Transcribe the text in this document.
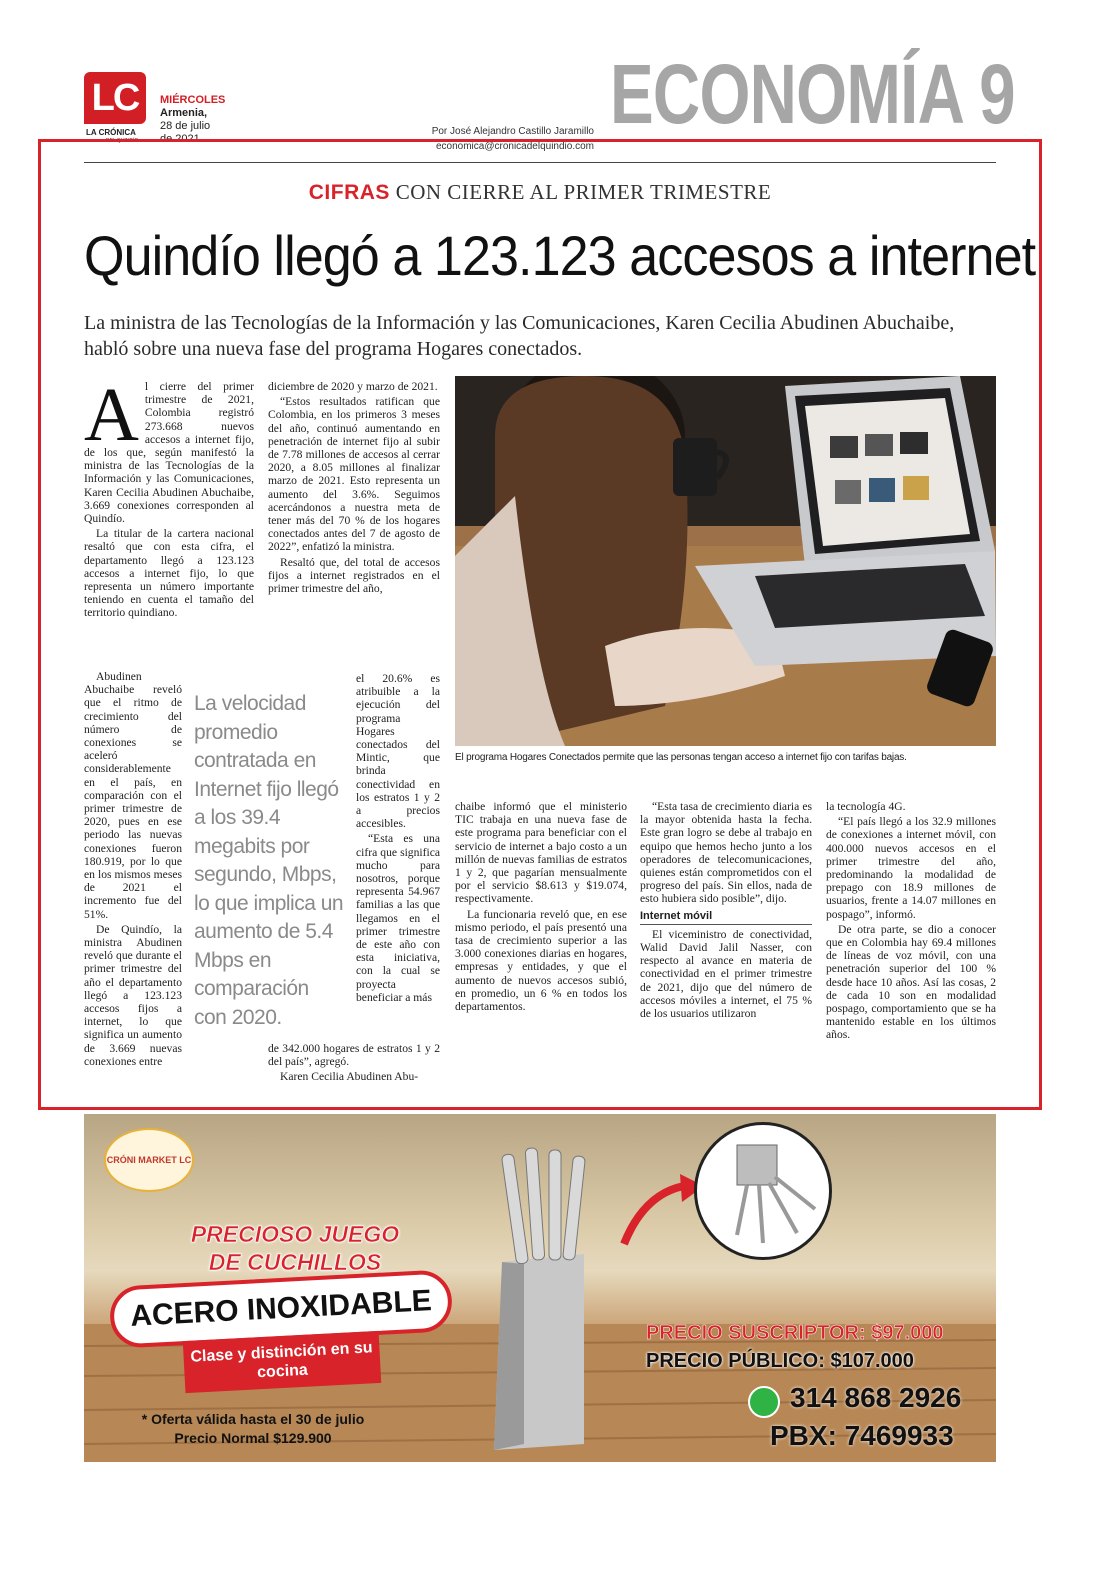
LC
LA CRÓNICA
DEL QUINDÍO
MIÉRCOLES
Armenia,
28 de julio
de 2021
Por José Alejandro Castillo Jaramillo
economica@cronicadelquindio.com
ECONOMÍA 9
CIFRAS CON CIERRE AL PRIMER TRIMESTRE
Quindío llegó a 123.123 accesos a internet
La ministra de las Tecnologías de la Información y las Comunicaciones, Karen Cecilia Abudinen Abuchaibe, habló sobre una nueva fase del programa Hogares conectados.
A l cierre del primer trimestre de 2021, Colombia registró 273.668 nuevos accesos a internet fijo, de los que, según manifestó la ministra de las Tecnologías de la Información y las Comunicaciones, Karen Cecilia Abudinen Abuchaibe, 3.669 conexiones corresponden al Quindío.

La titular de la cartera nacional resaltó que con esta cifra, el departamento llegó a 123.123 accesos a internet fijo, lo que representa un número importante teniendo en cuenta el tamaño del territorio quindiano.

Abudinen Abuchaibe reveló que el ritmo de crecimiento del número de conexiones se aceleró considerablemente en el país, en comparación con el primer trimestre de 2020, pues en ese periodo las nuevas conexiones fueron 180.919, por lo que en los mismos meses de 2021 el incremento fue del 51%.

De Quindío, la ministra Abudinen reveló que durante el primer trimestre del año el departamento llegó a 123.123 accesos fijos a internet, lo que significa un aumento de 3.669 nuevas conexiones entre

diciembre de 2020 y marzo de 2021.

“Estos resultados ratifican que Colombia, en los primeros 3 meses del año, continuó aumentando en penetración de internet fijo al subir de 7.78 millones de accesos al cerrar 2020, a 8.05 millones al finalizar marzo de 2021. Esto representa un aumento del 3.6%. Seguimos acercándonos a nuestra meta de tener más del 70 % de los hogares conectados antes del 7 de agosto de 2022”, enfatizó la ministra.

Resaltó que, del total de accesos fijos a internet registrados en el primer trimestre del año,

el 20.6% es atribuible a la ejecución del programa Hogares conectados del Mintic, que brinda conectividad en los estratos 1 y 2 a precios accesibles.

“Esta es una cifra que significa mucho para nosotros, porque representa 54.967 familias a las que llegamos en el primer trimestre de este año con esta iniciativa, con la cual se proyecta beneficiar a más

de 342.000 hogares de estratos 1 y 2 del país”, agregó.

Karen Cecilia Abudinen Abu-

La velocidad promedio contratada en Internet fijo llegó a los 39.4 megabits por segundo, Mbps, lo que implica un aumento de 5.4 Mbps en comparación con 2020.
El programa Hogares Conectados permite que las personas tengan acceso a internet fijo con tarifas bajas.

chaibe informó que el ministerio TIC trabaja en una nueva fase de este programa para beneficiar con el servicio de internet a bajo costo a un millón de nuevas familias de estratos 1 y 2, que pagarían mensualmente por el servicio $8.613 y $19.074, respectivamente.

La funcionaria reveló que, en ese mismo periodo, el país presentó una tasa de crecimiento superior a las 3.000 conexiones diarias en hogares, empresas y entidades, y que el aumento de nuevos accesos subió, en promedio, un 6 % en todos los departamentos.

“Esta tasa de crecimiento diaria es la mayor obtenida hasta la fecha. Este gran logro se debe al trabajo en equipo que hemos hecho junto a los operadores de telecomunicaciones, quienes están comprometidos con el progreso del país. Sin ellos, nada de esto hubiera sido posible”, dijo.

Internet móvil

El viceministro de conectividad, Walid David Jalil Nasser, con respecto al avance en materia de conectividad en el primer trimestre de 2021, dijo que del número de accesos móviles a internet, el 75 % de los usuarios utilizaron

la tecnología 4G.

“El país llegó a los 32.9 millones de conexiones a internet móvil, con 400.000 nuevos accesos en el primer trimestre del año, predominando la modalidad de prepago con 18.9 millones de usuarios, frente a 14.07 millones en pospago”, informó.

De otra parte, se dio a conocer que en Colombia hay 69.4 millones de líneas de voz móvil, con una penetración superior del 100 % desde hace 10 años. Así las cosas, 2 de cada 10 son en modalidad pospago, comportamiento que se ha mantenido estable en los últimos años.

CRÓNI MARKET LC
PRECIOSO JUEGO DE CUCHILLOS
ACERO INOXIDABLE
Clase y distinción en su cocina
* Oferta válida hasta el 30 de julio
Precio Normal $129.900
PRECIO SUSCRIPTOR: $97.000
PRECIO PÚBLICO: $107.000
314 868 2926
PBX: 7469933
